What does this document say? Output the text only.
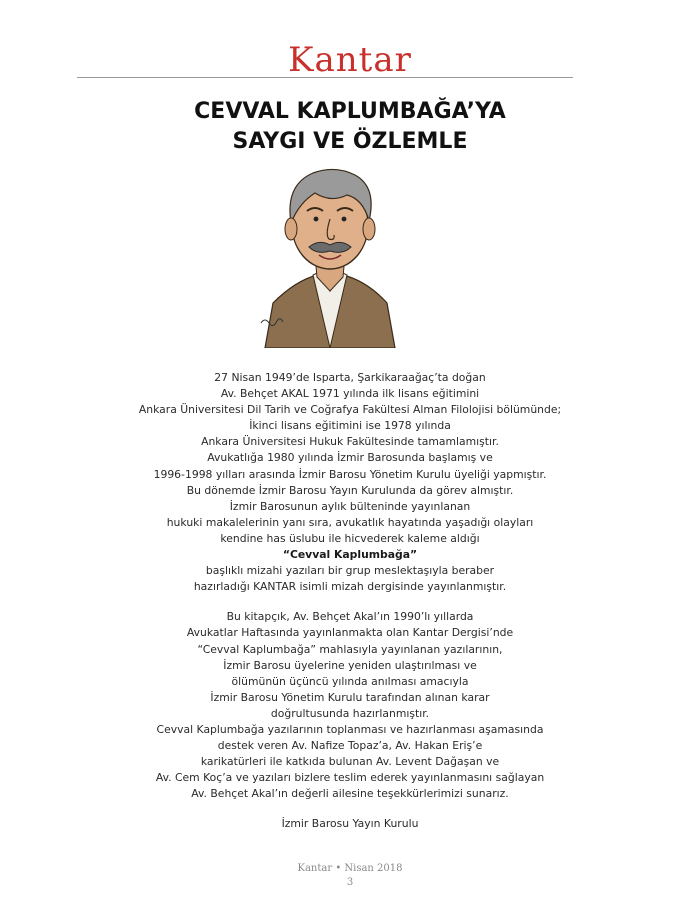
Kantar
CEVVAL KAPLUMBAĞA’YA
SAYGI VE ÖZLEMLE
27 Nisan 1949’de Isparta, Şarkikaraağaç’ta doğan
Av. Behçet AKAL 1971 yılında ilk lisans eğitimini
Ankara Üniversitesi Dil Tarih ve Coğrafya Fakültesi Alman Filolojisi bölümünde;
İkinci lisans eğitimini ise 1978 yılında
Ankara Üniversitesi Hukuk Fakültesinde tamamlamıştır.
Avukatlığa 1980 yılında İzmir Barosunda başlamış ve
1996-1998 yılları arasında İzmir Barosu Yönetim Kurulu üyeliği yapmıştır.
Bu dönemde İzmir Barosu Yayın Kurulunda da görev almıştır.
İzmir Barosunun aylık bülteninde yayınlanan
hukuki makalelerinin yanı sıra, avukatlık hayatında yaşadığı olayları
kendine has üslubu ile hicvederek kaleme aldığı
“Cevval Kaplumbağa”
başlıklı mizahi yazıları bir grup meslektaşıyla beraber
hazırladığı KANTAR isimli mizah dergisinde yayınlanmıştır.
Bu kitapçık, Av. Behçet Akal’ın 1990’lı yıllarda
Avukatlar Haftasında yayınlanmakta olan Kantar Dergisi’nde
“Cevval Kaplumbağa” mahlasıyla yayınlanan yazılarının,
İzmir Barosu üyelerine yeniden ulaştırılması ve
ölümünün üçüncü yılında anılması amacıyla
İzmir Barosu Yönetim Kurulu tarafından alınan karar
doğrultusunda hazırlanmıştır.
Cevval Kaplumbağa yazılarının toplanması ve hazırlanması aşamasında
destek veren Av. Nafize Topaz’a, Av. Hakan Eriş’e
karikatürleri ile katkıda bulunan Av. Levent Dağaşan ve
Av. Cem Koç’a ve yazıları bizlere teslim ederek yayınlanmasını sağlayan
Av. Behçet Akal’ın değerli ailesine teşekkürlerimizi sunarız.
İzmir Barosu Yayın Kurulu
Kantar • Nisan 2018
3
